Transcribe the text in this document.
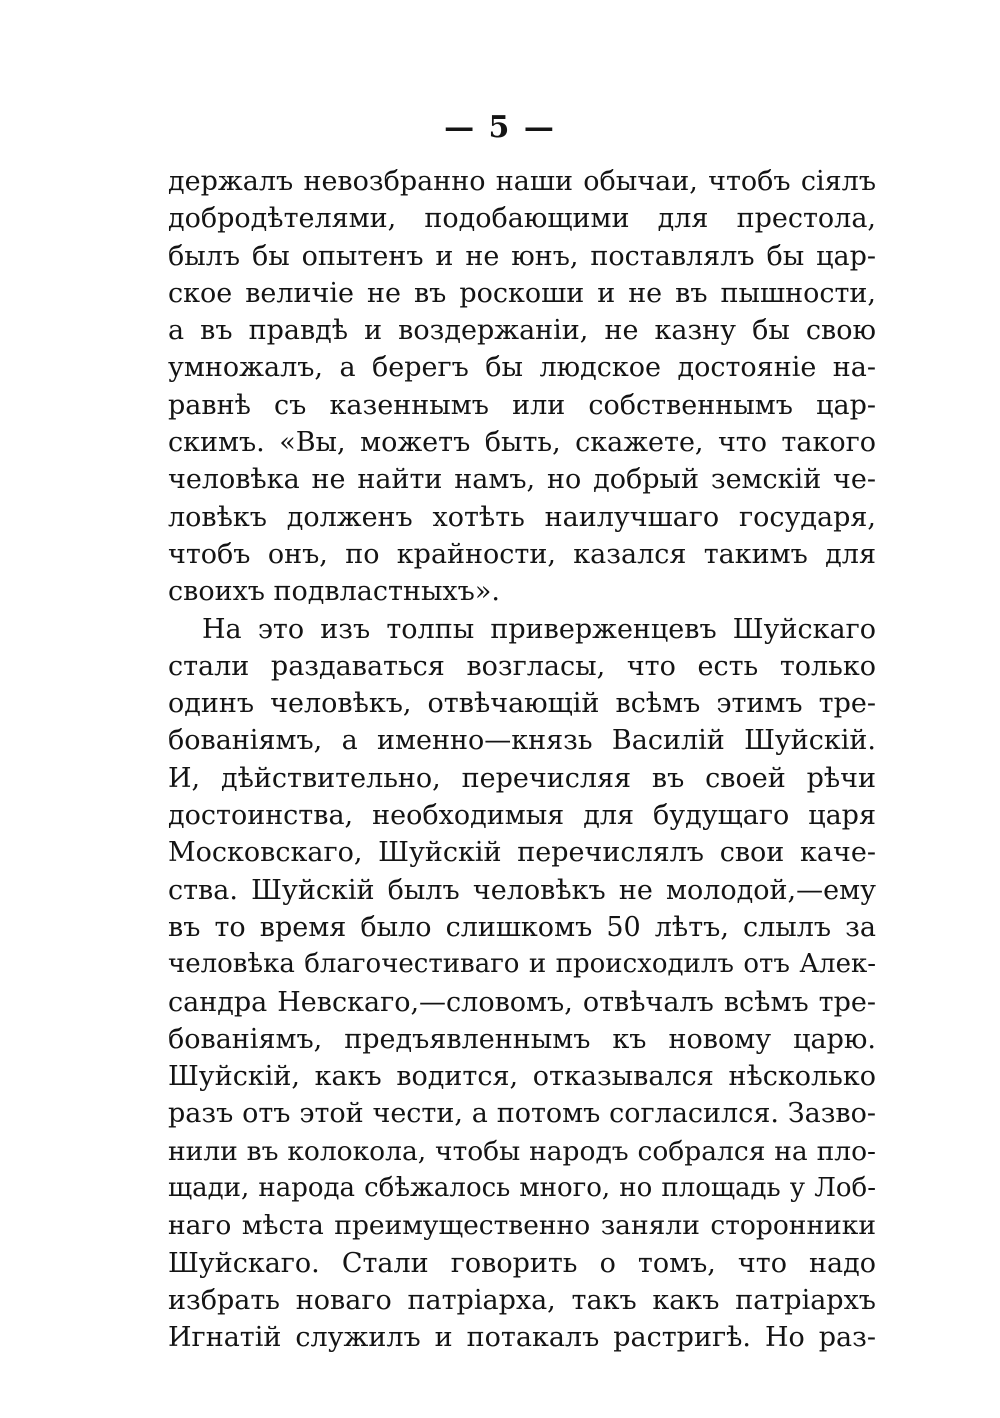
— 5 —
держалъ невозбранно наши обычаи, чтобъ сіялъ
добродѣтелями, подобающими для престола,
былъ бы опытенъ и не юнъ, поставлялъ бы цар-
ское величіе не въ роскоши и не въ пышности,
а въ правдѣ и воздержаніи, не казну бы свою
умножалъ, а берегъ бы людское достояніе на-
равнѣ съ казеннымъ или собственнымъ цар-
скимъ. «Вы, можетъ быть, скажете, что такого
человѣка не найти намъ, но добрый земскій че-
ловѣкъ долженъ хотѣть наилучшаго государя,
чтобъ онъ, по крайности, казался такимъ для
своихъ подвластныхъ».
На это изъ толпы приверженцевъ Шуйскаго
стали раздаваться возгласы, что есть только
одинъ человѣкъ, отвѣчающій всѣмъ этимъ тре-
бованіямъ, а именно—князь Василій Шуйскій.
И, дѣйствительно, перечисляя въ своей рѣчи
достоинства, необходимыя для будущаго царя
Московскаго, Шуйскій перечислялъ свои каче-
ства. Шуйскій былъ человѣкъ не молодой,—ему
въ то время было слишкомъ 50 лѣтъ, слылъ за
человѣка благочестиваго и происходилъ отъ Алек-
сандра Невскаго,—словомъ, отвѣчалъ всѣмъ тре-
бованіямъ, предъявленнымъ къ новому царю.
Шуйскій, какъ водится, отказывался нѣсколько
разъ отъ этой чести, а потомъ согласился. Зазво-
нили въ колокола, чтобы народъ собрался на пло-
щади, народа сбѣжалось много, но площадь у Лоб-
наго мѣста преимущественно заняли сторонники
Шуйскаго. Стали говорить о томъ, что надо
избрать новаго патріарха, такъ какъ патріархъ
Игнатій служилъ и потакалъ растригѣ. Но раз-
